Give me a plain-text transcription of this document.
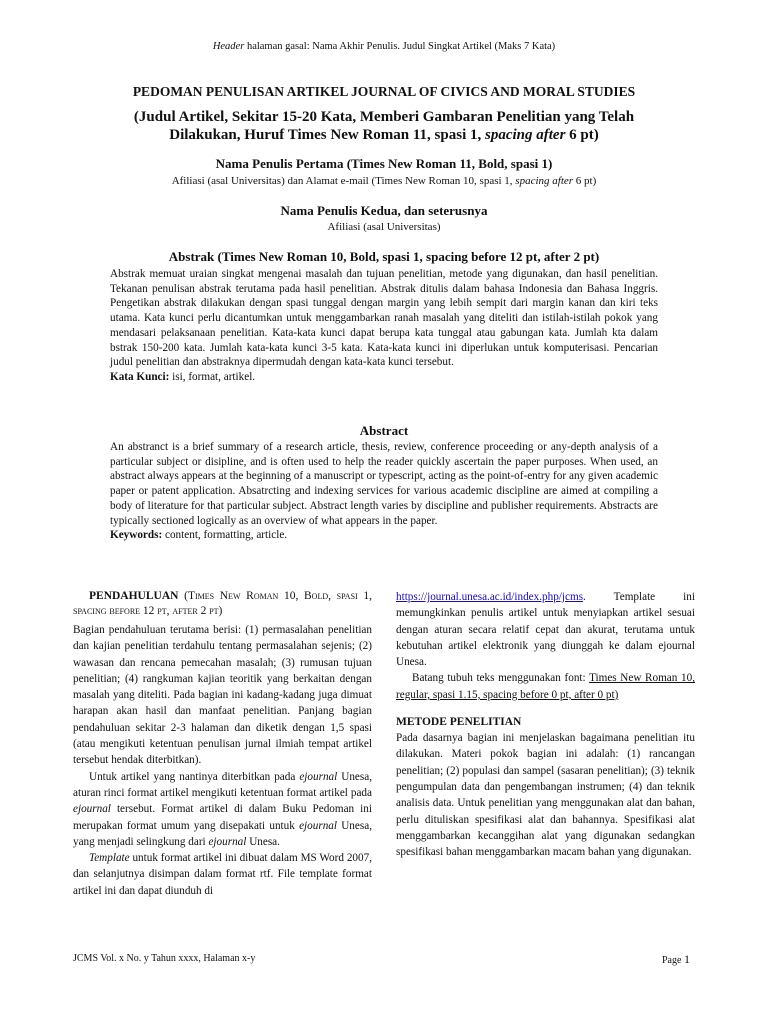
Header halaman gasal: Nama Akhir Penulis. Judul Singkat Artikel (Maks 7 Kata)
PEDOMAN PENULISAN ARTIKEL JOURNAL OF CIVICS AND MORAL STUDIES
(Judul Artikel, Sekitar 15-20 Kata, Memberi Gambaran Penelitian yang Telah Dilakukan, Huruf Times New Roman 11, spasi 1, spacing after 6 pt)
Nama Penulis Pertama (Times New Roman 11, Bold, spasi 1)
Afiliasi (asal Universitas) dan Alamat e-mail (Times New Roman 10, spasi 1, spacing after 6 pt)
Nama Penulis Kedua, dan seterusnya
Afiliasi (asal Universitas)
Abstrak (Times New Roman 10, Bold, spasi 1, spacing before 12 pt, after 2 pt)
Abstrak memuat uraian singkat mengenai masalah dan tujuan penelitian, metode yang digunakan, dan hasil penelitian. Tekanan penulisan abstrak terutama pada hasil penelitian. Abstrak ditulis dalam bahasa Indonesia dan Bahasa Inggris. Pengetikan abstrak dilakukan dengan spasi tunggal dengan margin yang lebih sempit dari margin kanan dan kiri teks utama. Kata kunci perlu dicantumkan untuk menggambarkan ranah masalah yang diteliti dan istilah-istilah pokok yang mendasari pelaksanaan penelitian. Kata-kata kunci dapat berupa kata tunggal atau gabungan kata. Jumlah kta dalam bstrak 150-200 kata. Jumlah kata-kata kunci 3-5 kata. Kata-kata kunci ini diperlukan untuk komputerisasi. Pencarian judul penelitian dan abstraknya dipermudah dengan kata-kata kunci tersebut.
Kata Kunci: isi, format, artikel.
Abstract
An abstranct is a brief summary of a research article, thesis, review, conference proceeding or any-depth analysis of a particular subject or disipline, and is often used to help the reader quickly ascertain the paper purposes. When used, an abstract always appears at the beginning of a manuscript or typescript, acting as the point-of-entry for any given academic paper or patent application. Absatrcting and indexing services for various academic discipline are aimed at compiling a body of literature for that particular subject. Abstract length varies by discipline and publisher requirements. Abstracts are typically sectioned logically as an overview of what appears in the paper.
Keywords: content, formatting, article.

PENDAHULUAN (Times New Roman 10, Bold, spasi 1, spacing before 12 pt, after 2 pt)

Bagian pendahuluan terutama berisi: (1) permasalahan penelitian dan kajian penelitian terdahulu tentang permasalahan sejenis; (2) wawasan dan rencana pemecahan masalah; (3) rumusan tujuan penelitian; (4) rangkuman kajian teoritik yang berkaitan dengan masalah yang diteliti. Pada bagian ini kadang-kadang juga dimuat harapan akan hasil dan manfaat penelitian. Panjang bagian pendahuluan sekitar 2-3 halaman dan diketik dengan 1,5 spasi (atau mengikuti ketentuan penulisan jurnal ilmiah tempat artikel tersebut hendak diterbitkan).

Untuk artikel yang nantinya diterbitkan pada ejournal Unesa, aturan rinci format artikel mengikuti ketentuan format artikel pada ejournal tersebut. Format artikel di dalam Buku Pedoman ini merupakan format umum yang disepakati untuk ejournal Unesa, yang menjadi selingkung dari ejournal Unesa.

Template untuk format artikel ini dibuat dalam MS Word 2007, dan selanjutnya disimpan dalam format rtf. File template format artikel ini dan dapat diunduh di

https://journal.unesa.ac.id/index.php/jcms. Template ini memungkinkan penulis artikel untuk menyiapkan artikel sesuai dengan aturan secara relatif cepat dan akurat, terutama untuk kebutuhan artikel elektronik yang diunggah ke dalam ejournal Unesa.

Batang tubuh teks menggunakan font: Times New Roman 10, regular, spasi 1.15, spacing before 0 pt, after 0 pt)

METODE PENELITIAN

Pada dasarnya bagian ini menjelaskan bagaimana penelitian itu dilakukan. Materi pokok bagian ini adalah: (1) rancangan penelitian; (2) populasi dan sampel (sasaran penelitian); (3) teknik pengumpulan data dan pengembangan instrumen; (4) dan teknik analisis data. Untuk penelitian yang menggunakan alat dan bahan, perlu dituliskan spesifikasi alat dan bahannya. Spesifikasi alat menggambarkan kecanggihan alat yang digunakan sedangkan spesifikasi bahan menggambarkan macam bahan yang digunakan.

JCMS Vol. x No. y Tahun xxxx, Halaman x-y	Page 1
